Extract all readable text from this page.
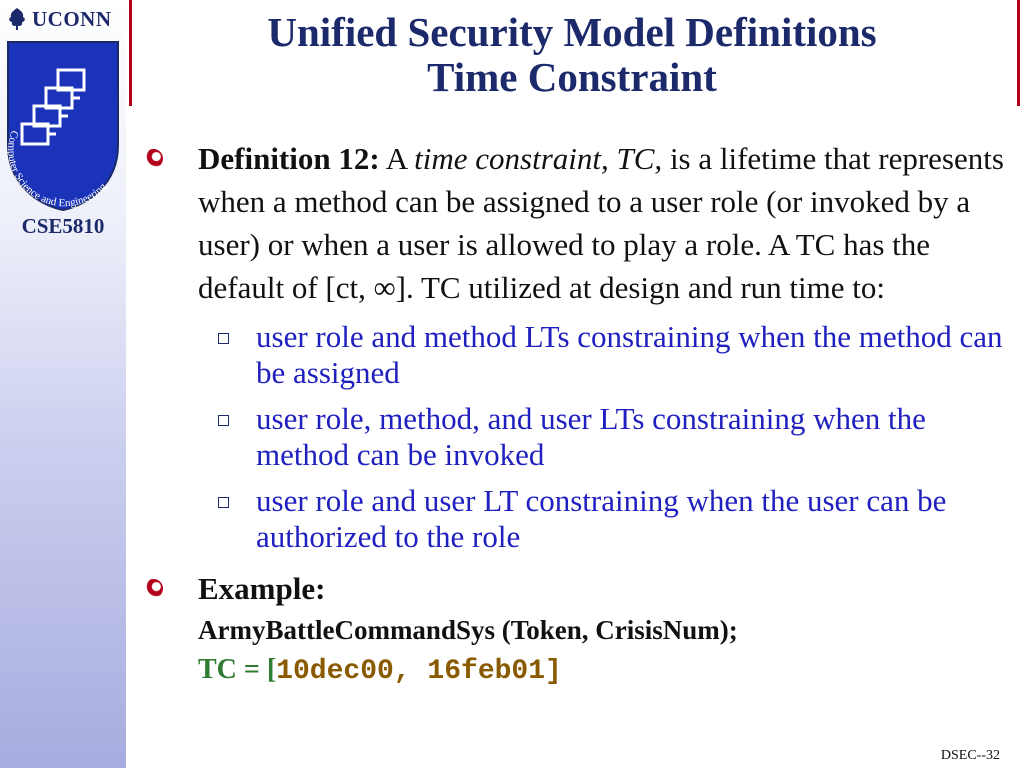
UCONN
Computer Science and Engineering
CSE5810
Unified Security Model Definitions
Time Constraint
Definition 12: A time constraint, TC, is a lifetime that represents when a method can be assigned to a user role (or invoked by a user) or when a user is allowed to play a role. A TC has the default of [ct, ∞]. TC utilized at design and run time to:
user role and method LTs constraining when the method can be assigned
user role, method, and user LTs constraining when the method can be invoked
user role and user LT constraining when the user can be authorized to the role
Example:
ArmyBattleCommandSys (Token, CrisisNum);
TC = [10dec00, 16feb01]
DSEC--32
